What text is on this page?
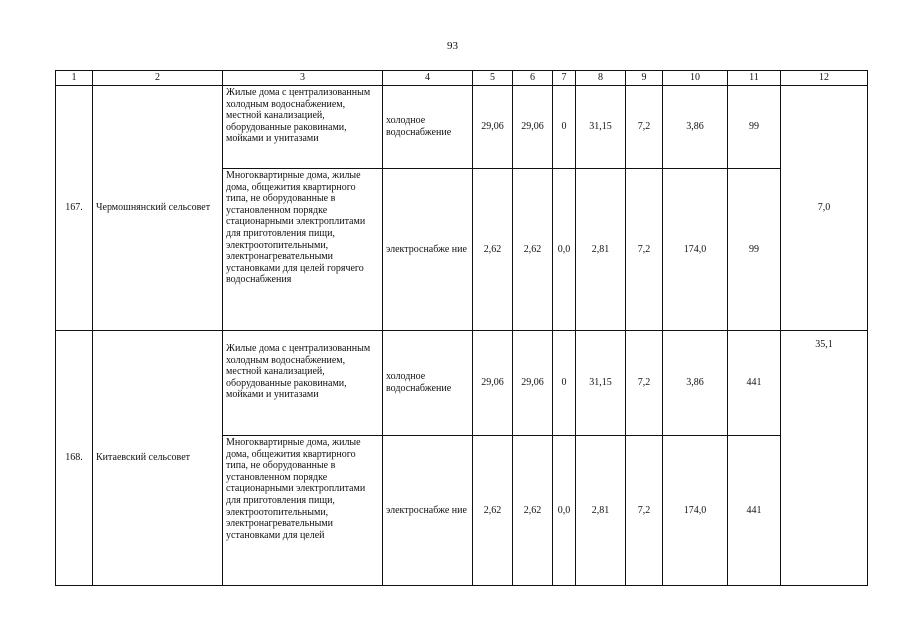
93
1	2	3	4	5	6	7	8	9	10	11	12
167.	Чермошнянский сельсовет	Жилые дома с централизованным холодным водоснабжением, местной канализацией, оборудованные раковинами, мойками и унитазами	холодное водоснабжение	29,06	29,06	0	31,15	7,2	3,86	99	7,0
		Многоквартирные дома, жилые дома, общежития квартирного типа, не оборудованные в установленном порядке стационарными электроплитами для приготовления пищи, электроотопительными, электронагревательными установками для целей горячего водоснабжения	электроснабже ние	2,62	2,62	0,0	2,81	7,2	174,0	99	
168.	Китаевский сельсовет	Жилые дома с централизованным холодным водоснабжением, местной канализацией, оборудованные раковинами, мойками и унитазами	холодное водоснабжение	29,06	29,06	0	31,15	7,2	3,86	441	35,1
		Многоквартирные дома, жилые дома, общежития квартирного типа, не оборудованные в установленном порядке стационарными электроплитами для приготовления пищи, электроотопительными, электронагревательными установками для целей	электроснабже ние	2,62	2,62	0,0	2,81	7,2	174,0	441	
